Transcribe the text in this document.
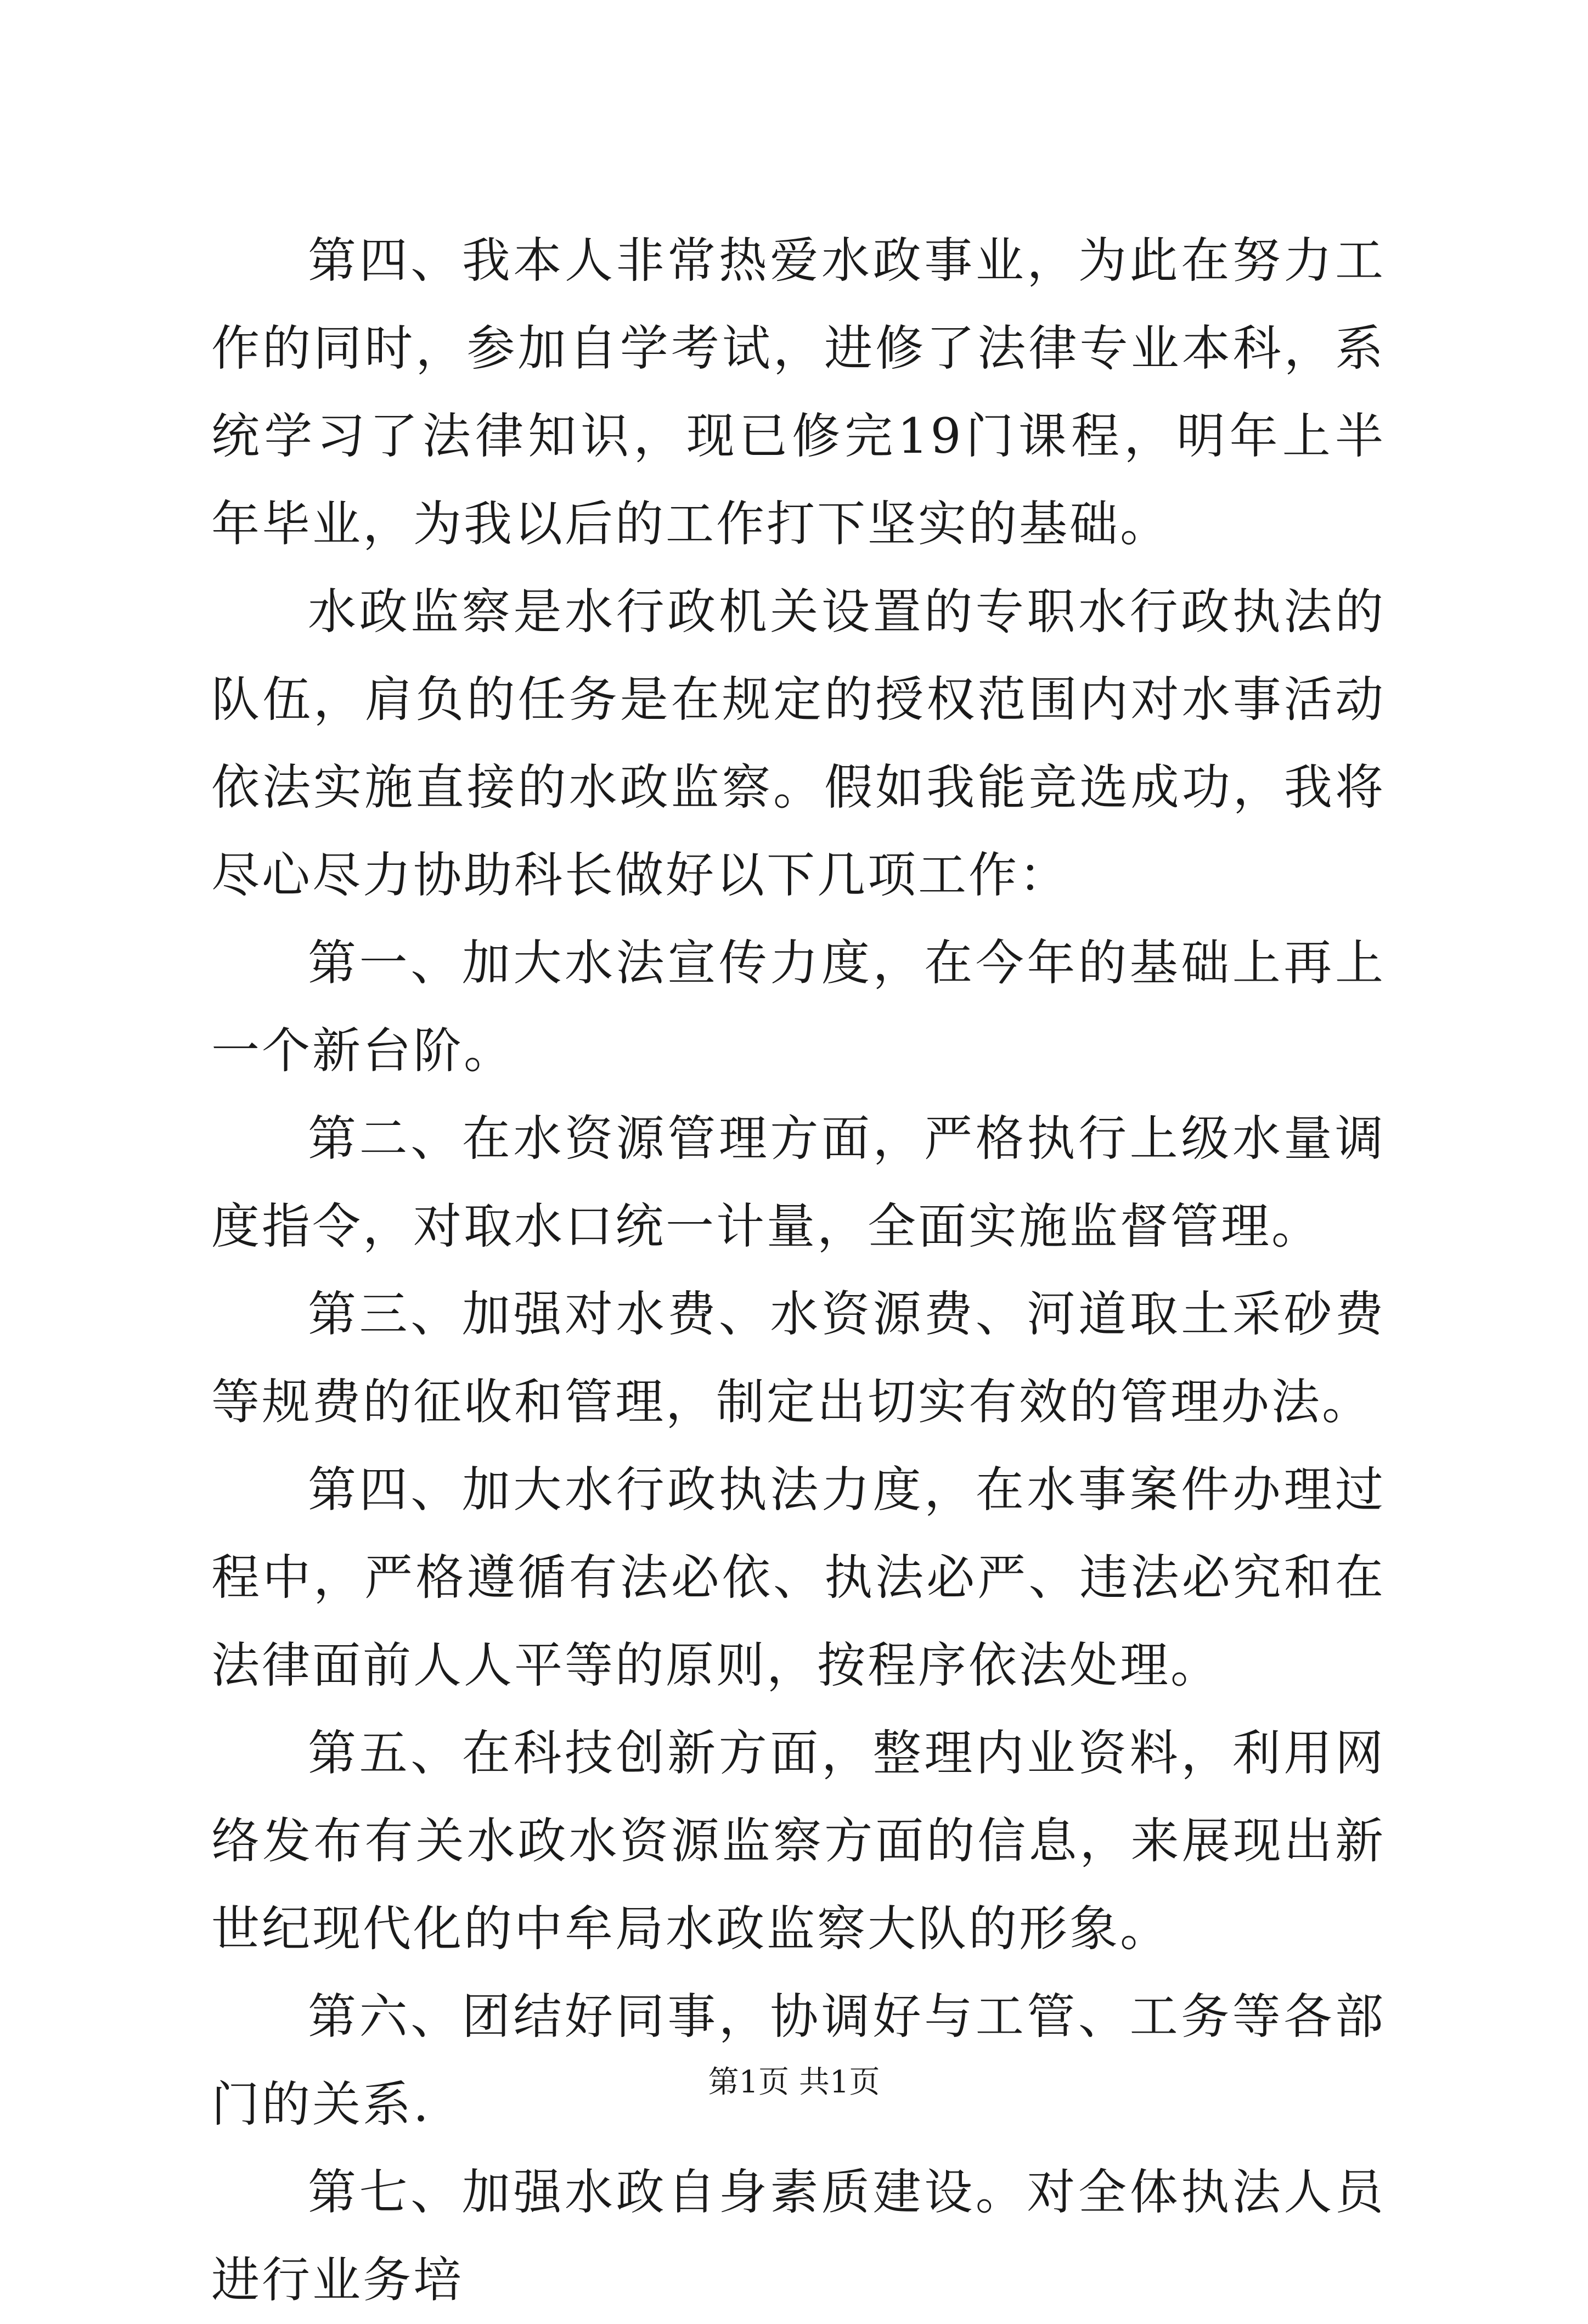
第四、我本人非常热爱水政事业，为此在努力工作的同时，参加自学考试，进修了法律专业本科，系统学习了法律知识，现已修完19门课程，明年上半年毕业，为我以后的工作打下坚实的基础。

水政监察是水行政机关设置的专职水行政执法的队伍，肩负的任务是在规定的授权范围内对水事活动依法实施直接的水政监察。假如我能竞选成功，我将尽心尽力协助科长做好以下几项工作：

第一、加大水法宣传力度，在今年的基础上再上一个新台阶。

第二、在水资源管理方面，严格执行上级水量调度指令，对取水口统一计量，全面实施监督管理。

第三、加强对水费、水资源费、河道取土采砂费等规费的征收和管理，制定出切实有效的管理办法。

第四、加大水行政执法力度，在水事案件办理过程中，严格遵循有法必依、执法必严、违法必究和在法律面前人人平等的原则，按程序依法处理。

第五、在科技创新方面，整理内业资料，利用网络发布有关水政水资源监察方面的信息，来展现出新世纪现代化的中牟局水政监察大队的形象。

第六、团结好同事，协调好与工管、工务等各部门的关系.

第七、加强水政自身素质建设。对全体执法人员进行业务培

第1页 共1页
